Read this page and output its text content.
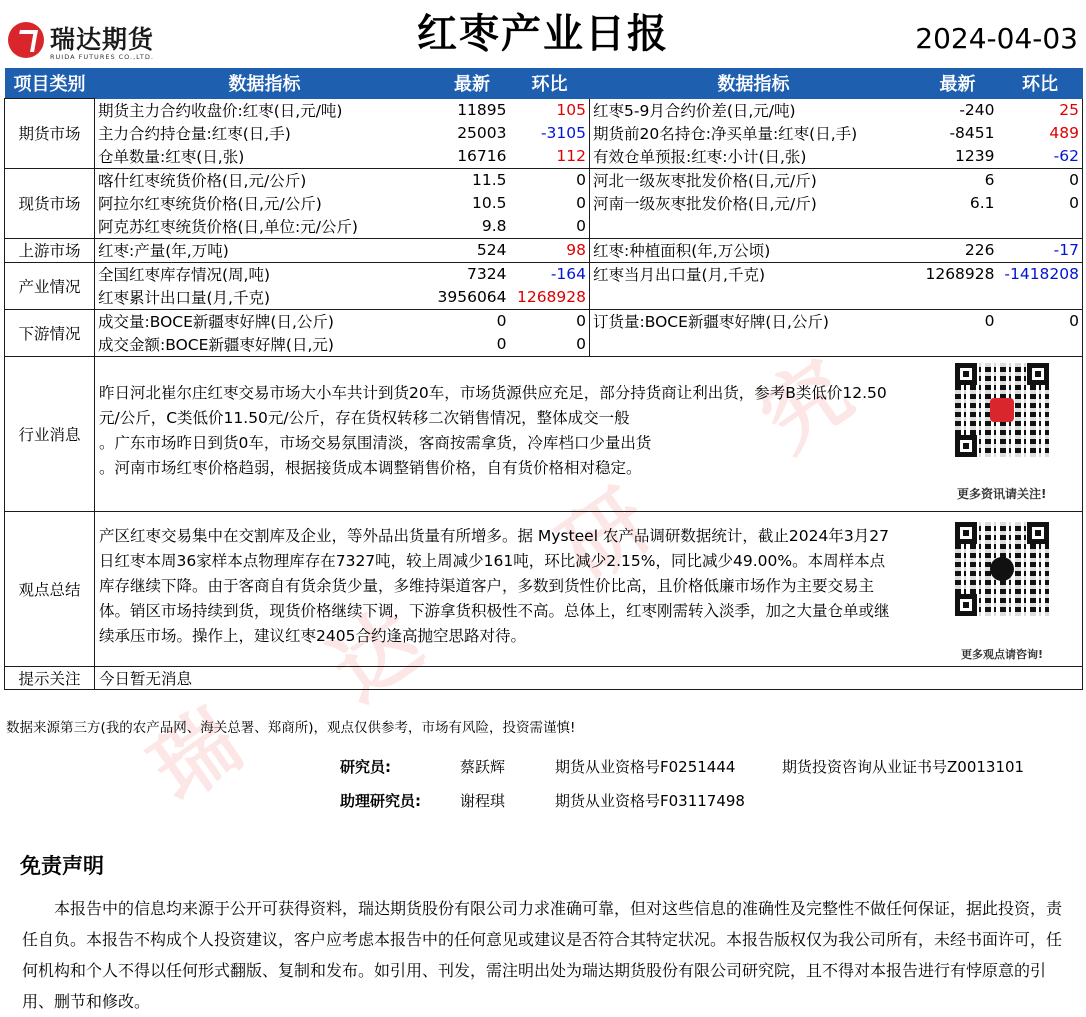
瑞
达
研
究
瑞达期货
RUIDA FUTURES CO.,LTD.	红枣产业日报	2024-04-03
项目类别	数据指标	最新	环比	数据指标	最新	环比
期货市场	期货主力合约收盘价:红枣(日,元/吨)	11895	105	红枣5-9月合约价差(日,元/吨)	-240	25
	主力合约持仓量:红枣(日,手)	25003	-3105	期货前20名持仓:净买单量:红枣(日,手)	-8451	489
	仓单数量:红枣(日,张)	16716	112	有效仓单预报:红枣:小计(日,张)	1239	-62
现货市场	喀什红枣统货价格(日,元/公斤)	11.5	0	河北一级灰枣批发价格(日,元/斤)	6	0
	阿拉尔红枣统货价格(日,元/公斤)	10.5	0	河南一级灰枣批发价格(日,元/斤)	6.1	0
	阿克苏红枣统货价格(日,单位:元/公斤)	9.8	0			
上游市场	红枣:产量(年,万吨)	524	98	红枣:种植面积(年,万公顷)	226	-17
产业情况	全国红枣库存情况(周,吨)	7324	-164	红枣当月出口量(月,千克)	1268928	-1418208
	红枣累计出口量(月,千克)	3956064	1268928			
下游情况	成交量:BOCE新疆枣好牌(日,公斤)	0	0	订货量:BOCE新疆枣好牌(日,公斤)	0	0
	成交金额:BOCE新疆枣好牌(日,元)	0	0			
行业消息	昨日河北崔尔庄红枣交易市场大小车共计到货20车，市场货源供应充足，部分持货商让利出货，参考B类低价12.50元/公斤，C类低价11.50元/公斤，存在货权转移二次销售情况，整体成交一般
。广东市场昨日到货0车，市场交易氛围清淡，客商按需拿货，冷库档口少量出货
。河南市场红枣价格趋弱，根据接货成本调整销售价格，自有货价格相对稳定。
更多资讯请关注!					

观点总结	产区红枣交易集中在交割库及企业，等外品出货量有所增多。据 Mysteel 农产品调研数据统计，截止2024年3月27日红枣本周36家样本点物理库存在7327吨，较上周减少161吨，环比减少2.15%，同比减少49.00%。本周样本点库存继续下降。由于客商自有货余货少量，多维持渠道客户，多数到货性价比高，且价格低廉市场作为主要交易主体。销区市场持续到货，现货价格继续下调，下游拿货积极性不高。总体上，红枣刚需转入淡季，加之大量仓单或继续承压市场。操作上，建议红枣2405合约逢高抛空思路对待。
更多观点请咨询!					

提示关注	今日暂无消息					
数据来源第三方(我的农产品网、海关总署、郑商所)，观点仅供参考，市场有风险，投资需谨慎!
研究员:	蔡跃辉	期货从业资格号F0251444	期货投资咨询从业证书号Z0013101
助理研究员:	谢程琪	期货从业资格号F03117498
免责声明
本报告中的信息均来源于公开可获得资料，瑞达期货股份有限公司力求准确可靠，但对这些信息的准确性及完整性不做任何保证，据此投资，责任自负。本报告不构成个人投资建议，客户应考虑本报告中的任何意见或建议是否符合其特定状况。本报告版权仅为我公司所有，未经书面许可，任何机构和个人不得以任何形式翻版、复制和发布。如引用、刊发，需注明出处为瑞达期货股份有限公司研究院，且不得对本报告进行有悖原意的引用、删节和修改。
